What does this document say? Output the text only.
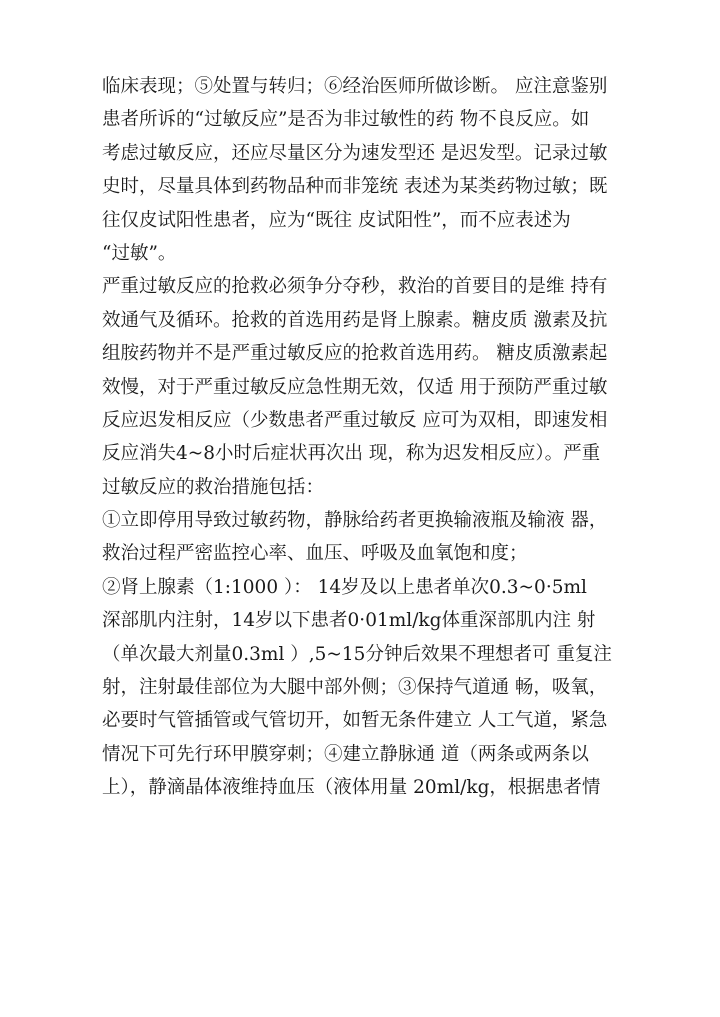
临床表现；⑤处置与转归；⑥经治医师所做诊断。 应注意鉴别
患者所诉的“过敏反应”是否为非过敏性的药 物不良反应。如
考虑过敏反应，还应尽量区分为速发型还 是迟发型。记录过敏
史时，尽量具体到药物品种而非笼统 表述为某类药物过敏；既
往仅皮试阳性患者，应为“既往 皮试阳性”，而不应表述为
“过敏”。
严重过敏反应的抢救必须争分夺秒，救治的首要目的是维 持有
效通气及循环。抢救的首选用药是肾上腺素。糖皮质 激素及抗
组胺药物并不是严重过敏反应的抢救首选用药。 糖皮质激素起
效慢，对于严重过敏反应急性期无效，仅适 用于预防严重过敏
反应迟发相反应（少数患者严重过敏反 应可为双相，即速发相
反应消失4~8小时后症状再次出 现，称为迟发相反应）。严重
过敏反应的救治措施包括：
①立即停用导致过敏药物，静脉给药者更换输液瓶及输液 器，
救治过程严密监控心率、血压、呼吸及血氧饱和度；
②肾上腺素（1:1000 ）： 14岁及以上患者单次0.3~0·5ml
深部肌内注射，14岁以下患者0·01ml/kg体重深部肌内注 射
（单次最大剂量0.3ml ）,5~15分钟后效果不理想者可 重复注
射，注射最佳部位为大腿中部外侧；③保持气道通 畅，吸氧，
必要时气管插管或气管切开，如暂无条件建立 人工气道，紧急
情况下可先行环甲膜穿刺；④建立静脉通 道（两条或两条以
上），静滴晶体液维持血压（液体用量 20ml/kg，根据患者情
